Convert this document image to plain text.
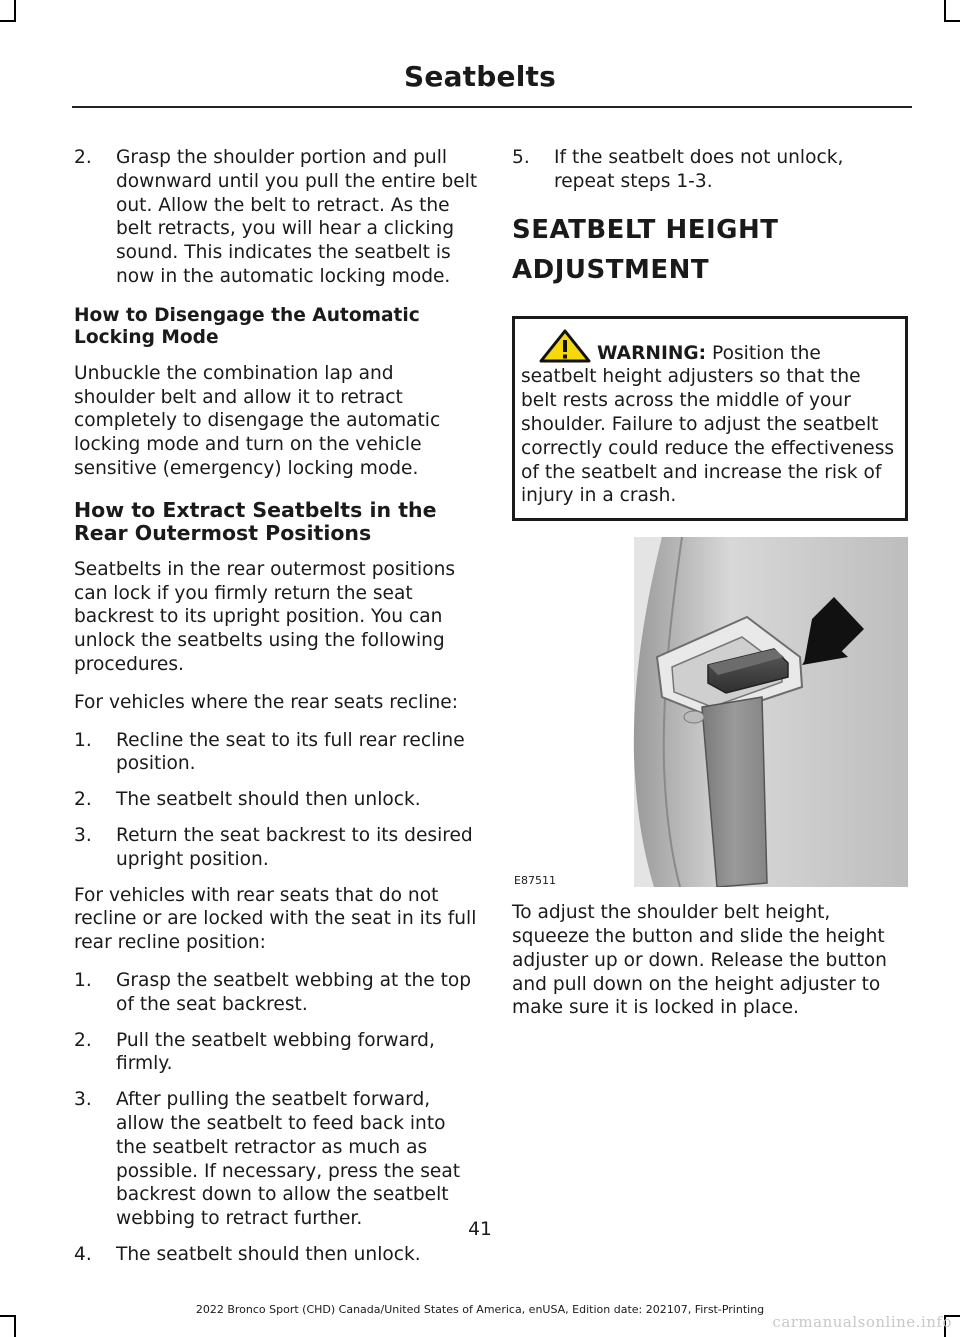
Seatbelts
2. Grasp the shoulder portion and pull downward until you pull the entire belt out. Allow the belt to retract. As the belt retracts, you will hear a clicking sound. This indicates the seatbelt is now in the automatic locking mode.
How to Disengage the Automatic Locking Mode

Unbuckle the combination lap and shoulder belt and allow it to retract completely to disengage the automatic locking mode and turn on the vehicle sensitive (emergency) locking mode.

How to Extract Seatbelts in the Rear Outermost Positions

Seatbelts in the rear outermost positions can lock if you firmly return the seat backrest to its upright position. You can unlock the seatbelts using the following procedures.

For vehicles where the rear seats recline:

1. Recline the seat to its full rear recline position.
2. The seatbelt should then unlock.
3. Return the seat backrest to its desired upright position.

For vehicles with rear seats that do not recline or are locked with the seat in its full rear recline position:

1. Grasp the seatbelt webbing at the top of the seat backrest.
2. Pull the seatbelt webbing forward, firmly.
3. After pulling the seatbelt forward, allow the seatbelt to feed back into the seatbelt retractor as much as possible. If necessary, press the seat backrest down to allow the seatbelt webbing to retract further.
4. The seatbelt should then unlock.
5. If the seatbelt does not unlock, repeat steps 1-3.
SEATBELT HEIGHT
ADJUSTMENT
WARNING: Position the seatbelt height adjusters so that the belt rests across the middle of your shoulder. Failure to adjust the seatbelt correctly could reduce the effectiveness of the seatbelt and increase the risk of injury in a crash.
E87511

To adjust the shoulder belt height, squeeze the button and slide the height adjuster up or down. Release the button and pull down on the height adjuster to make sure it is locked in place.

41
2022 Bronco Sport (CHD) Canada/United States of America, enUSA, Edition date: 202107, First-Printing
carmanualsonline.info
